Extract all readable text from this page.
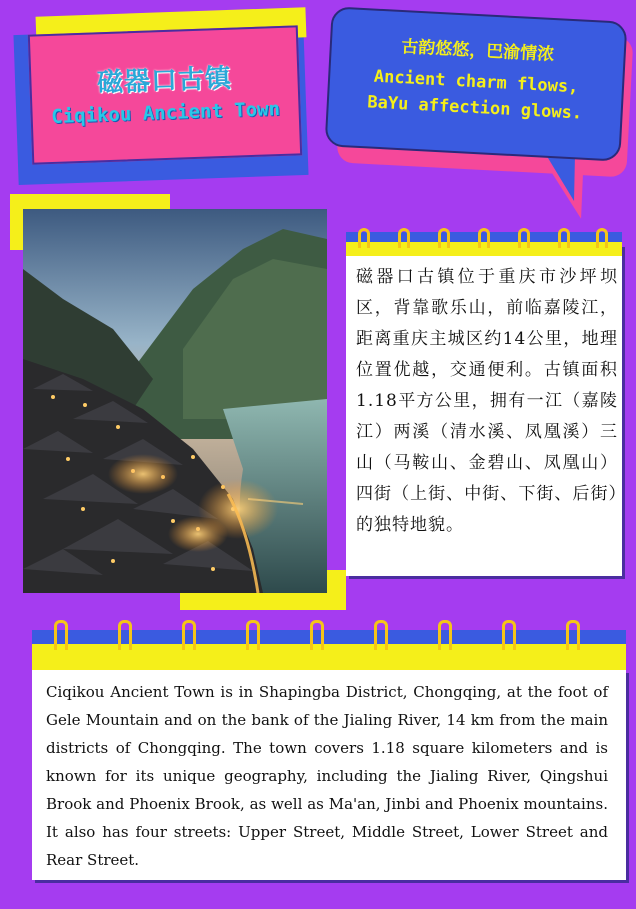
磁器口古镇
Ciqikou Ancient Town
古韵悠悠，巴渝情浓
Ancient charm flows,
BaYu affection glows.
磁器口古镇位于重庆市沙坪坝区，背靠歌乐山，前临嘉陵江，距离重庆主城区约14公里，地理位置优越，交通便利。古镇面积1.18平方公里，拥有一江（嘉陵江）两溪（清水溪、凤凰溪）三山（马鞍山、金碧山、凤凰山）四街（上街、中街、下街、后街）的独特地貌。
Ciqikou Ancient Town is in Shapingba District, Chongqing, at the foot of Gele Mountain and on the bank of the Jialing River, 14 km from the main districts of Chongqing. The town covers 1.18 square kilometers and is known for its unique geography, including the Jialing River, Qingshui Brook and Phoenix Brook, as well as Ma'an, Jinbi and Phoenix mountains. It also has four streets: Upper Street, Middle Street, Lower Street and Rear Street.
